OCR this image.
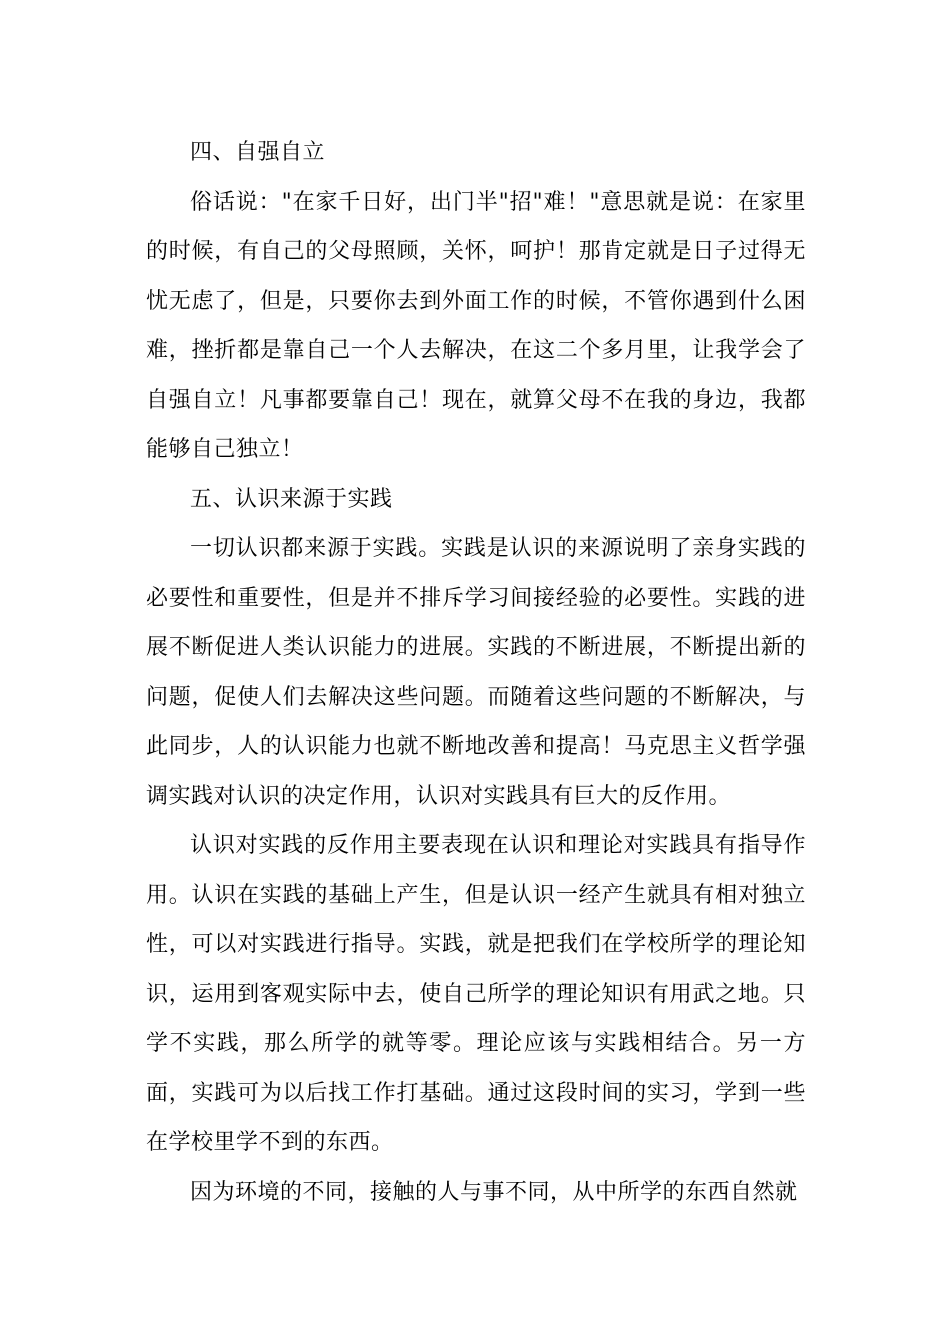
四、自强自立

俗话说："在家千日好，出门半"招"难！"意思就是说：在家里的时候，有自己的父母照顾，关怀，呵护！那肯定就是日子过得无忧无虑了，但是，只要你去到外面工作的时候，不管你遇到什么困难，挫折都是靠自己一个人去解决，在这二个多月里，让我学会了自强自立！凡事都要靠自己！现在，就算父母不在我的身边，我都能够自己独立！

五、认识来源于实践

一切认识都来源于实践。实践是认识的来源说明了亲身实践的必要性和重要性，但是并不排斥学习间接经验的必要性。实践的进展不断促进人类认识能力的进展。实践的不断进展，不断提出新的问题，促使人们去解决这些问题。而随着这些问题的不断解决，与此同步，人的认识能力也就不断地改善和提高！马克思主义哲学强调实践对认识的决定作用，认识对实践具有巨大的反作用。

认识对实践的反作用主要表现在认识和理论对实践具有指导作用。认识在实践的基础上产生，但是认识一经产生就具有相对独立性，可以对实践进行指导。实践，就是把我们在学校所学的理论知识，运用到客观实际中去，使自己所学的理论知识有用武之地。只学不实践，那么所学的就等零。理论应该与实践相结合。另一方面，实践可为以后找工作打基础。通过这段时间的实习，学到一些在学校里学不到的东西。

因为环境的不同，接触的人与事不同，从中所学的东西自然就
